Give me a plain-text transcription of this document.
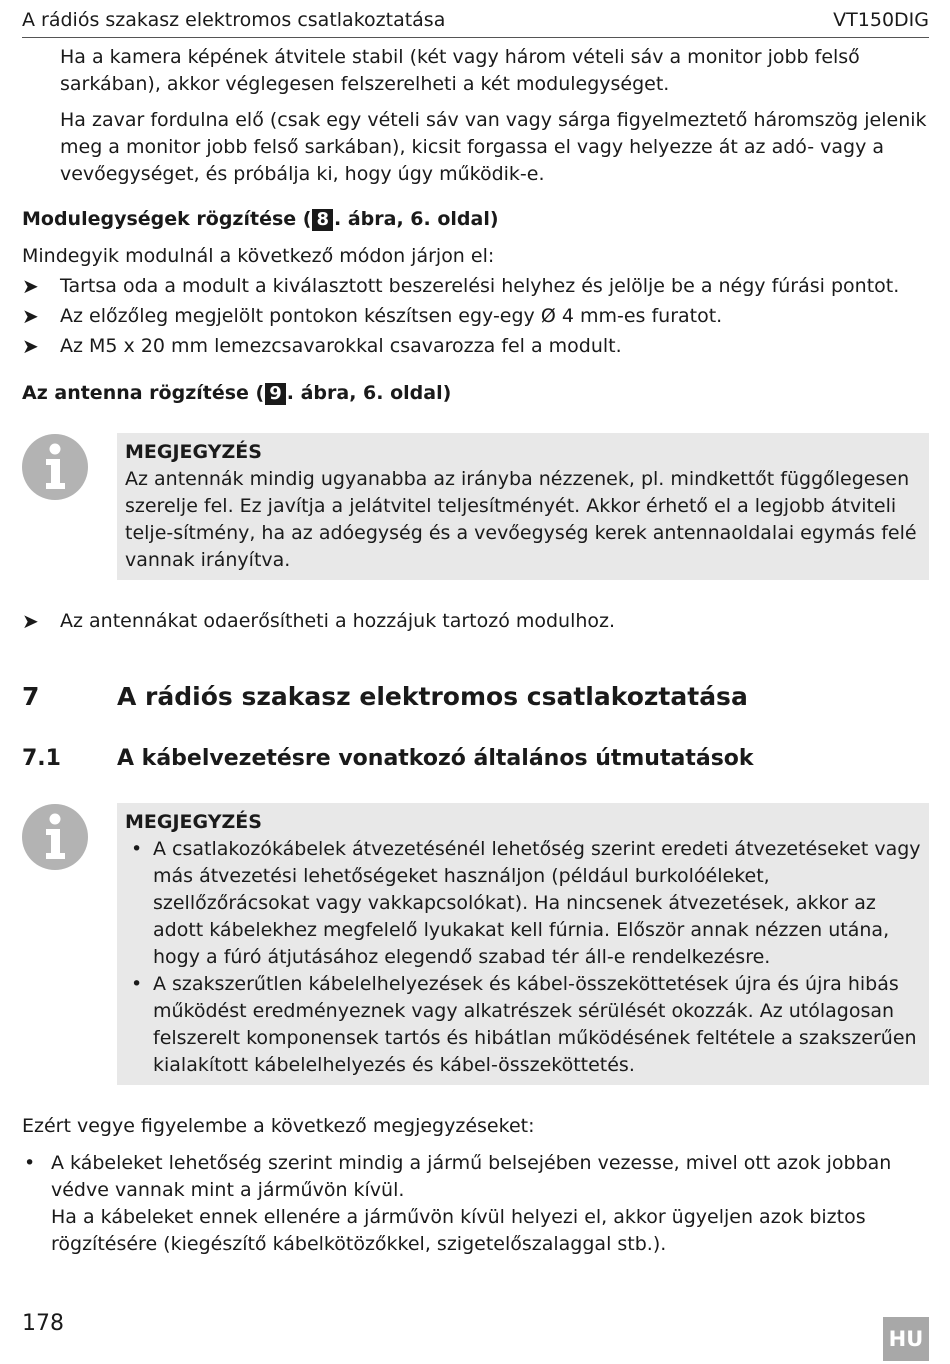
A rádiós szakasz elektromos csatlakoztatása	VT150DIG
Ha a kamera képének átvitele stabil (két vagy három vételi sáv a monitor jobb felső sarkában), akkor véglegesen felszerelheti a két modulegységet.
Ha zavar fordulna elő (csak egy vételi sáv van vagy sárga figyelmeztető háromszög jelenik meg a monitor jobb felső sarkában), kicsit forgassa el vagy helyezze át az adó- vagy a vevőegységet, és próbálja ki, hogy úgy működik-e.
Modulegységek rögzítése ( 8 . ábra, 6. oldal)
Mindegyik modulnál a következő módon járjon el:
➤	Tartsa oda a modult a kiválasztott beszerelési helyhez és jelölje be a négy fúrási pontot.
➤	Az előzőleg megjelölt pontokon készítsen egy-egy Ø 4 mm-es furatot.
➤	Az M5 x 20 mm lemezcsavarokkal csavarozza fel a modult.
Az antenna rögzítése ( 9 . ábra, 6. oldal)
MEGJEGYZÉS
Az antennák mindig ugyanabba az irányba nézzenek, pl. mindkettőt függőlegesen szerelje fel. Ez javítja a jelátvitel teljesítményét. Akkor érhető el a legjobb átviteli telje-sítmény, ha az adóegység és a vevőegység kerek antennaoldalai egymás felé vannak irányítva.
➤	Az antennákat odaerősítheti a hozzájuk tartozó modulhoz.
7	A rádiós szakasz elektromos csatlakoztatása
7.1	A kábelvezetésre vonatkozó általános útmutatások
MEGJEGYZÉS
• A csatlakozókábelek átvezetésénél lehetőség szerint eredeti átvezetéseket vagy más átvezetési lehetőségeket használjon (például burkolóéleket, szellőzőrácsokat vagy vakkapcsolókat). Ha nincsenek átvezetések, akkor az adott kábelekhez megfelelő lyukakat kell fúrnia. Először annak nézzen utána, hogy a fúró átjutásához elegendő szabad tér áll-e rendelkezésre.
• A szakszerűtlen kábelelhelyezések és kábel-összeköttetések újra és újra hibás működést eredményeznek vagy alkatrészek sérülését okozzák. Az utólagosan felszerelt komponensek tartós és hibátlan működésének feltétele a szakszerűen kialakított kábelelhelyezés és kábel-összeköttetés.
Ezért vegye figyelembe a következő megjegyzéseket:
• A kábeleket lehetőség szerint mindig a jármű belsejében vezesse, mivel ott azok jobban védve vannak mint a járművön kívül.
Ha a kábeleket ennek ellenére a járművön kívül helyezi el, akkor ügyeljen azok biztos rögzítésére (kiegészítő kábelkötözőkkel, szigetelőszalaggal stb.).
178
HU
